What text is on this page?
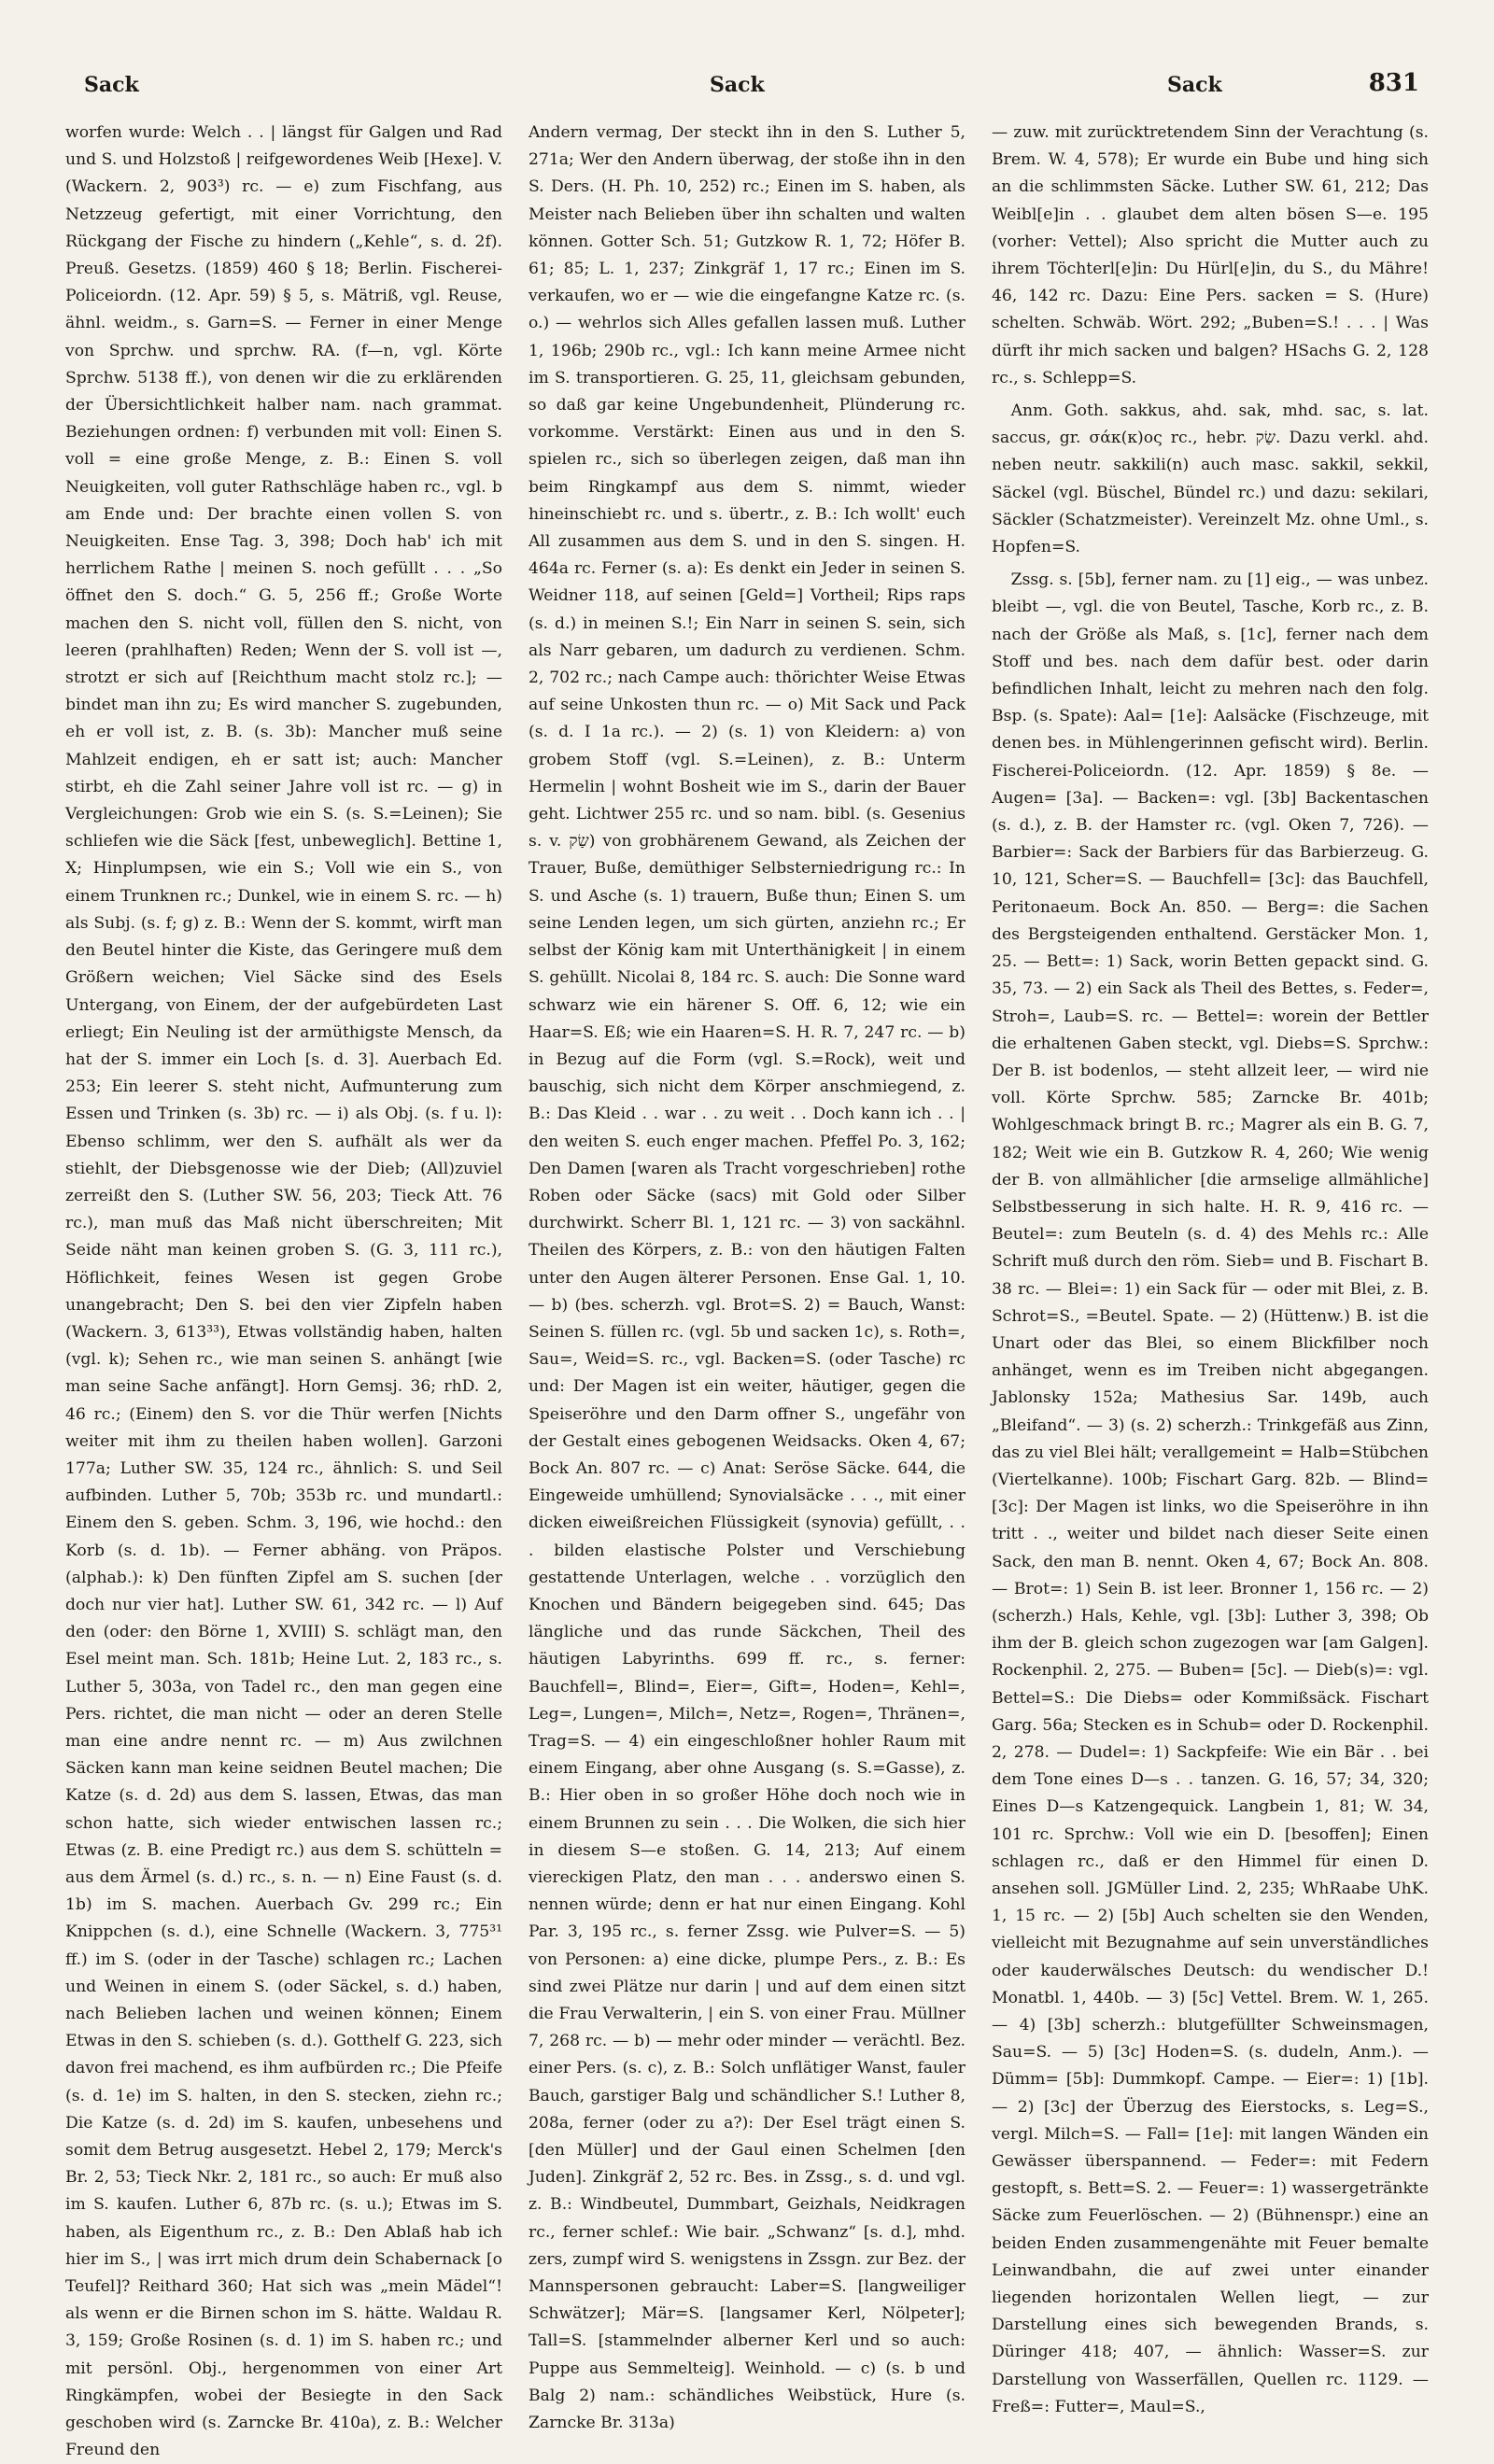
Sack	Sack	Sack	831

worfen wurde: Welch . . | längst für Galgen und Rad und S. und Holzstoß | reifgewordenes Weib [Hexe]. V. (Wackern. 2, 903³) rc. — e) zum Fischfang, aus Netzzeug gefertigt, mit einer Vorrichtung, den Rückgang der Fische zu hindern („Kehle“, s. d. 2f). Preuß. Gesetzs. (1859) 460 § 18; Berlin. Fischerei-Policeiordn. (12. Apr. 59) § 5, s. Mätriß, vgl. Reuse, ähnl. weidm., s. Garn=S. — Ferner in einer Menge von Sprchw. und sprchw. RA. (f—n, vgl. Körte Sprchw. 5138 ff.), von denen wir die zu erklärenden der Übersichtlichkeit halber nam. nach grammat. Beziehungen ordnen: f) verbunden mit voll: Einen S. voll = eine große Menge, z. B.: Einen S. voll Neuigkeiten, voll guter Rathschläge haben rc., vgl. b am Ende und: Der brachte einen vollen S. von Neuigkeiten. Ense Tag. 3, 398; Doch hab' ich mit herrlichem Rathe | meinen S. noch gefüllt . . . „So öffnet den S. doch.“ G. 5, 256 ff.; Große Worte machen den S. nicht voll, füllen den S. nicht, von leeren (prahlhaften) Reden; Wenn der S. voll ist —, strotzt er sich auf [Reichthum macht stolz rc.]; — bindet man ihn zu; Es wird mancher S. zugebunden, eh er voll ist, z. B. (s. 3b): Mancher muß seine Mahlzeit endigen, eh er satt ist; auch: Mancher stirbt, eh die Zahl seiner Jahre voll ist rc. — g) in Vergleichungen: Grob wie ein S. (s. S.=Leinen); Sie schliefen wie die Säck [fest, unbeweglich]. Bettine 1, X; Hinplumpsen, wie ein S.; Voll wie ein S., von einem Trunknen rc.; Dunkel, wie in einem S. rc. — h) als Subj. (s. f; g) z. B.: Wenn der S. kommt, wirft man den Beutel hinter die Kiste, das Geringere muß dem Größern weichen; Viel Säcke sind des Esels Untergang, von Einem, der der aufgebürdeten Last erliegt; Ein Neuling ist der armüthigste Mensch, da hat der S. immer ein Loch [s. d. 3]. Auerbach Ed. 253; Ein leerer S. steht nicht, Aufmunterung zum Essen und Trinken (s. 3b) rc. — i) als Obj. (s. f u. l): Ebenso schlimm, wer den S. aufhält als wer da stiehlt, der Diebsgenosse wie der Dieb; (All)zuviel zerreißt den S. (Luther SW. 56, 203; Tieck Att. 76 rc.), man muß das Maß nicht überschreiten; Mit Seide näht man keinen groben S. (G. 3, 111 rc.), Höflichkeit, feines Wesen ist gegen Grobe unangebracht; Den S. bei den vier Zipfeln haben (Wackern. 3, 613³³), Etwas vollständig haben, halten (vgl. k); Sehen rc., wie man seinen S. anhängt [wie man seine Sache anfängt]. Horn Gemsj. 36; rhD. 2, 46 rc.; (Einem) den S. vor die Thür werfen [Nichts weiter mit ihm zu theilen haben wollen]. Garzoni 177a; Luther SW. 35, 124 rc., ähnlich: S. und Seil aufbinden. Luther 5, 70b; 353b rc. und mundartl.: Einem den S. geben. Schm. 3, 196, wie hochd.: den Korb (s. d. 1b). — Ferner abhäng. von Präpos. (alphab.): k) Den fünften Zipfel am S. suchen [der doch nur vier hat]. Luther SW. 61, 342 rc. — l) Auf den (oder: den Börne 1, XVIII) S. schlägt man, den Esel meint man. Sch. 181b; Heine Lut. 2, 183 rc., s. Luther 5, 303a, von Tadel rc., den man gegen eine Pers. richtet, die man nicht — oder an deren Stelle man eine andre nennt rc. — m) Aus zwilchnen Säcken kann man keine seidnen Beutel machen; Die Katze (s. d. 2d) aus dem S. lassen, Etwas, das man schon hatte, sich wieder entwischen lassen rc.; Etwas (z. B. eine Predigt rc.) aus dem S. schütteln = aus dem Ärmel (s. d.) rc., s. n. — n) Eine Faust (s. d. 1b) im S. machen. Auerbach Gv. 299 rc.; Ein Knippchen (s. d.), eine Schnelle (Wackern. 3, 775³¹ ff.) im S. (oder in der Tasche) schlagen rc.; Lachen und Weinen in einem S. (oder Säckel, s. d.) haben, nach Belieben lachen und weinen können; Einem Etwas in den S. schieben (s. d.). Gotthelf G. 223, sich davon frei machend, es ihm aufbürden rc.; Die Pfeife (s. d. 1e) im S. halten, in den S. stecken, ziehn rc.; Die Katze (s. d. 2d) im S. kaufen, unbesehens und somit dem Betrug ausgesetzt. Hebel 2, 179; Merck's Br. 2, 53; Tieck Nkr. 2, 181 rc., so auch: Er muß also im S. kaufen. Luther 6, 87b rc. (s. u.); Etwas im S. haben, als Eigenthum rc., z. B.: Den Ablaß hab ich hier im S., | was irrt mich drum dein Schabernack [o Teufel]? Reithard 360; Hat sich was „mein Mädel“! als wenn er die Birnen schon im S. hätte. Waldau R. 3, 159; Große Rosinen (s. d. 1) im S. haben rc.; und mit persönl. Obj., hergenommen von einer Art Ringkämpfen, wobei der Besiegte in den Sack geschoben wird (s. Zarncke Br. 410a), z. B.: Welcher Freund den

Andern vermag, Der steckt ihn in den S. Luther 5, 271a; Wer den Andern überwag, der stoße ihn in den S. Ders. (H. Ph. 10, 252) rc.; Einen im S. haben, als Meister nach Belieben über ihn schalten und walten können. Gotter Sch. 51; Gutzkow R. 1, 72; Höfer B. 61; 85; L. 1, 237; Zinkgräf 1, 17 rc.; Einen im S. verkaufen, wo er — wie die eingefangne Katze rc. (s. o.) — wehrlos sich Alles gefallen lassen muß. Luther 1, 196b; 290b rc., vgl.: Ich kann meine Armee nicht im S. transportieren. G. 25, 11, gleichsam gebunden, so daß gar keine Ungebundenheit, Plünderung rc. vorkomme. Verstärkt: Einen aus und in den S. spielen rc., sich so überlegen zeigen, daß man ihn beim Ringkampf aus dem S. nimmt, wieder hineinschiebt rc. und s. übertr., z. B.: Ich wollt' euch All zusammen aus dem S. und in den S. singen. H. 464a rc. Ferner (s. a): Es denkt ein Jeder in seinen S. Weidner 118, auf seinen [Geld=] Vortheil; Rips raps (s. d.) in meinen S.!; Ein Narr in seinen S. sein, sich als Narr gebaren, um dadurch zu verdienen. Schm. 2, 702 rc.; nach Campe auch: thörichter Weise Etwas auf seine Unkosten thun rc. — o) Mit Sack und Pack (s. d. I 1a rc.). — 2) (s. 1) von Kleidern: a) von grobem Stoff (vgl. S.=Leinen), z. B.: Unterm Hermelin | wohnt Bosheit wie im S., darin der Bauer geht. Lichtwer 255 rc. und so nam. bibl. (s. Gesenius s. v. שַׂק) von grobhärenem Gewand, als Zeichen der Trauer, Buße, demüthiger Selbsterniedrigung rc.: In S. und Asche (s. 1) trauern, Buße thun; Einen S. um seine Lenden legen, um sich gürten, anziehn rc.; Er selbst der König kam mit Unterthänigkeit | in einem S. gehüllt. Nicolai 8, 184 rc. S. auch: Die Sonne ward schwarz wie ein härener S. Off. 6, 12; wie ein Haar=S. Eß; wie ein Haaren=S. H. R. 7, 247 rc. — b) in Bezug auf die Form (vgl. S.=Rock), weit und bauschig, sich nicht dem Körper anschmiegend, z. B.: Das Kleid . . war . . zu weit . . Doch kann ich . . | den weiten S. euch enger machen. Pfeffel Po. 3, 162; Den Damen [waren als Tracht vorgeschrieben] rothe Roben oder Säcke (sacs) mit Gold oder Silber durchwirkt. Scherr Bl. 1, 121 rc. — 3) von sackähnl. Theilen des Körpers, z. B.: von den häutigen Falten unter den Augen älterer Personen. Ense Gal. 1, 10. — b) (bes. scherzh. vgl. Brot=S. 2) = Bauch, Wanst: Seinen S. füllen rc. (vgl. 5b und sacken 1c), s. Roth=, Sau=, Weid=S. rc., vgl. Backen=S. (oder Tasche) rc und: Der Magen ist ein weiter, häutiger, gegen die Speiseröhre und den Darm offner S., ungefähr von der Gestalt eines gebogenen Weidsacks. Oken 4, 67; Bock An. 807 rc. — c) Anat: Seröse Säcke. 644, die Eingeweide umhüllend; Synovialsäcke . . ., mit einer dicken eiweißreichen Flüssigkeit (synovia) gefüllt, . . . bilden elastische Polster und Verschiebung gestattende Unterlagen, welche . . vorzüglich den Knochen und Bändern beigegeben sind. 645; Das längliche und das runde Säckchen, Theil des häutigen Labyrinths. 699 ff. rc., s. ferner: Bauchfell=, Blind=, Eier=, Gift=, Hoden=, Kehl=, Leg=, Lungen=, Milch=, Netz=, Rogen=, Thränen=, Trag=S. — 4) ein eingeschloßner hohler Raum mit einem Eingang, aber ohne Ausgang (s. S.=Gasse), z. B.: Hier oben in so großer Höhe doch noch wie in einem Brunnen zu sein . . . Die Wolken, die sich hier in diesem S—e stoßen. G. 14, 213; Auf einem viereckigen Platz, den man . . . anderswo einen S. nennen würde; denn er hat nur einen Eingang. Kohl Par. 3, 195 rc., s. ferner Zssg. wie Pulver=S. — 5) von Personen: a) eine dicke, plumpe Pers., z. B.: Es sind zwei Plätze nur darin | und auf dem einen sitzt die Frau Verwalterin, | ein S. von einer Frau. Müllner 7, 268 rc. — b) — mehr oder minder — verächtl. Bez. einer Pers. (s. c), z. B.: Solch unflätiger Wanst, fauler Bauch, garstiger Balg und schändlicher S.! Luther 8, 208a, ferner (oder zu a?): Der Esel trägt einen S. [den Müller] und der Gaul einen Schelmen [den Juden]. Zinkgräf 2, 52 rc. Bes. in Zssg., s. d. und vgl. z. B.: Windbeutel, Dummbart, Geizhals, Neidkragen rc., ferner schlef.: Wie bair. „Schwanz“ [s. d.], mhd. zers, zumpf wird S. wenigstens in Zssgn. zur Bez. der Mannspersonen gebraucht: Laber=S. [langweiliger Schwätzer]; Mär=S. [langsamer Kerl, Nölpeter]; Tall=S. [stammelnder alberner Kerl und so auch: Puppe aus Semmelteig]. Weinhold. — c) (s. b und Balg 2) nam.: schändliches Weibstück, Hure (s. Zarncke Br. 313a)

— zuw. mit zurücktretendem Sinn der Verachtung (s. Brem. W. 4, 578); Er wurde ein Bube und hing sich an die schlimmsten Säcke. Luther SW. 61, 212; Das Weibl[e]in . . glaubet dem alten bösen S—e. 195 (vorher: Vettel); Also spricht die Mutter auch zu ihrem Töchterl[e]in: Du Hürl[e]in, du S., du Mähre! 46, 142 rc. Dazu: Eine Pers. sacken = S. (Hure) schelten. Schwäb. Wört. 292; „Buben=S.! . . . | Was dürft ihr mich sacken und balgen? HSachs G. 2, 128 rc., s. Schlepp=S.

Anm. Goth. sakkus, ahd. sak, mhd. sac, s. lat. saccus, gr. σάκ(κ)ος rc., hebr. שַׂק. Dazu verkl. ahd. neben neutr. sakkili(n) auch masc. sakkil, sekkil, Säckel (vgl. Büschel, Bündel rc.) und dazu: sekilari, Säckler (Schatzmeister). Vereinzelt Mz. ohne Uml., s. Hopfen=S.

Zssg. s. [5b], ferner nam. zu [1] eig., — was unbez. bleibt —, vgl. die von Beutel, Tasche, Korb rc., z. B. nach der Größe als Maß, s. [1c], ferner nach dem Stoff und bes. nach dem dafür best. oder darin befindlichen Inhalt, leicht zu mehren nach den folg. Bsp. (s. Spate): Aal= [1e]: Aalsäcke (Fischzeuge, mit denen bes. in Mühlengerinnen gefischt wird). Berlin. Fischerei-Policeiordn. (12. Apr. 1859) § 8e. — Augen= [3a]. — Backen=: vgl. [3b] Backentaschen (s. d.), z. B. der Hamster rc. (vgl. Oken 7, 726). — Barbier=: Sack der Barbiers für das Barbierzeug. G. 10, 121, Scher=S. — Bauchfell= [3c]: das Bauchfell, Peritonaeum. Bock An. 850. — Berg=: die Sachen des Bergsteigenden enthaltend. Gerstäcker Mon. 1, 25. — Bett=: 1) Sack, worin Betten gepackt sind. G. 35, 73. — 2) ein Sack als Theil des Bettes, s. Feder=, Stroh=, Laub=S. rc. — Bettel=: worein der Bettler die erhaltenen Gaben steckt, vgl. Diebs=S. Sprchw.: Der B. ist bodenlos, — steht allzeit leer, — wird nie voll. Körte Sprchw. 585; Zarncke Br. 401b; Wohlgeschmack bringt B. rc.; Magrer als ein B. G. 7, 182; Weit wie ein B. Gutzkow R. 4, 260; Wie wenig der B. von allmählicher [die armselige allmähliche] Selbstbesserung in sich halte. H. R. 9, 416 rc. — Beutel=: zum Beuteln (s. d. 4) des Mehls rc.: Alle Schrift muß durch den röm. Sieb= und B. Fischart B. 38 rc. — Blei=: 1) ein Sack für — oder mit Blei, z. B. Schrot=S., =Beutel. Spate. — 2) (Hüttenw.) B. ist die Unart oder das Blei, so einem Blickfilber noch anhänget, wenn es im Treiben nicht abgegangen. Jablonsky 152a; Mathesius Sar. 149b, auch „Bleifand“. — 3) (s. 2) scherzh.: Trinkgefäß aus Zinn, das zu viel Blei hält; verallgemeint = Halb=Stübchen (Viertelkanne). 100b; Fischart Garg. 82b. — Blind= [3c]: Der Magen ist links, wo die Speiseröhre in ihn tritt . ., weiter und bildet nach dieser Seite einen Sack, den man B. nennt. Oken 4, 67; Bock An. 808. — Brot=: 1) Sein B. ist leer. Bronner 1, 156 rc. — 2) (scherzh.) Hals, Kehle, vgl. [3b]: Luther 3, 398; Ob ihm der B. gleich schon zugezogen war [am Galgen]. Rockenphil. 2, 275. — Buben= [5c]. — Dieb(s)=: vgl. Bettel=S.: Die Diebs= oder Kommißsäck. Fischart Garg. 56a; Stecken es in Schub= oder D. Rockenphil. 2, 278. — Dudel=: 1) Sackpfeife: Wie ein Bär . . bei dem Tone eines D—s . . tanzen. G. 16, 57; 34, 320; Eines D—s Katzengequick. Langbein 1, 81; W. 34, 101 rc. Sprchw.: Voll wie ein D. [besoffen]; Einen schlagen rc., daß er den Himmel für einen D. ansehen soll. JGMüller Lind. 2, 235; WhRaabe UhK. 1, 15 rc. — 2) [5b] Auch schelten sie den Wenden, vielleicht mit Bezugnahme auf sein unverständliches oder kauderwälsches Deutsch: du wendischer D.! Monatbl. 1, 440b. — 3) [5c] Vettel. Brem. W. 1, 265. — 4) [3b] scherzh.: blutgefüllter Schweinsmagen, Sau=S. — 5) [3c] Hoden=S. (s. dudeln, Anm.). — Dümm= [5b]: Dummkopf. Campe. — Eier=: 1) [1b]. — 2) [3c] der Überzug des Eierstocks, s. Leg=S., vergl. Milch=S. — Fall= [1e]: mit langen Wänden ein Gewässer überspannend. — Feder=: mit Federn gestopft, s. Bett=S. 2. — Feuer=: 1) wassergetränkte Säcke zum Feuerlöschen. — 2) (Bühnenspr.) eine an beiden Enden zusammengenähte mit Feuer bemalte Leinwandbahn, die auf zwei unter einander liegenden horizontalen Wellen liegt, — zur Darstellung eines sich bewegenden Brands, s. Düringer 418; 407, — ähnlich: Wasser=S. zur Darstellung von Wasserfällen, Quellen rc. 1129. — Freß=: Futter=, Maul=S.,
